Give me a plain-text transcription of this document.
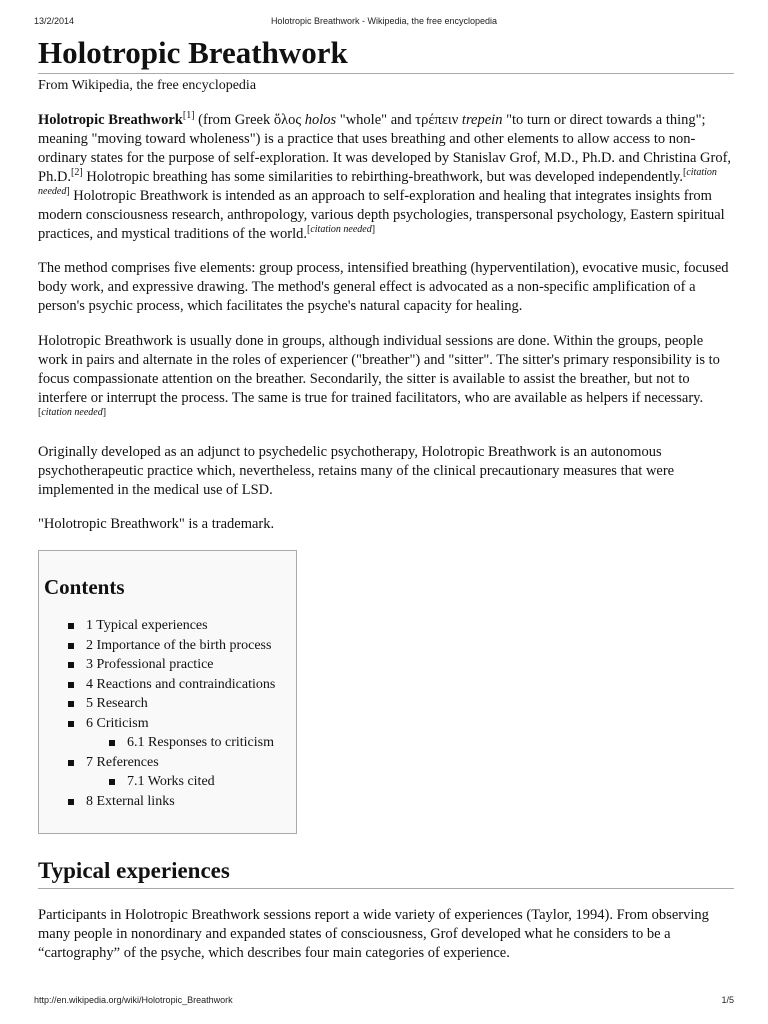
13/2/2014	Holotropic Breathwork - Wikipedia, the free encyclopedia
Holotropic Breathwork
From Wikipedia, the free encyclopedia

Holotropic Breathwork[1] (from Greek ὅλος holos "whole" and τρέπειν trepein "to turn or direct towards a thing"; meaning "moving toward wholeness") is a practice that uses breathing and other elements to allow access to non-ordinary states for the purpose of self-exploration. It was developed by Stanislav Grof, M.D., Ph.D. and Christina Grof, Ph.D.[2] Holotropic breathing has some similarities to rebirthing-breathwork, but was developed independently.[citation needed] Holotropic Breathwork is intended as an approach to self-exploration and healing that integrates insights from modern consciousness research, anthropology, various depth psychologies, transpersonal psychology, Eastern spiritual practices, and mystical traditions of the world.[citation needed]

The method comprises five elements: group process, intensified breathing (hyperventilation), evocative music, focused body work, and expressive drawing. The method's general effect is advocated as a non-specific amplification of a person's psychic process, which facilitates the psyche's natural capacity for healing.

Holotropic Breathwork is usually done in groups, although individual sessions are done. Within the groups, people work in pairs and alternate in the roles of experiencer ("breather") and "sitter". The sitter's primary responsibility is to focus compassionate attention on the breather. Secondarily, the sitter is available to assist the breather, but not to interfere or interrupt the process. The same is true for trained facilitators, who are available as helpers if necessary.[citation needed]

Originally developed as an adjunct to psychedelic psychotherapy, Holotropic Breathwork is an autonomous psychotherapeutic practice which, nevertheless, retains many of the clinical precautionary measures that were implemented in the medical use of LSD.

"Holotropic Breathwork" is a trademark.

Contents
1 Typical experiences
2 Importance of the birth process
3 Professional practice
4 Reactions and contraindications
5 Research
6 Criticism
6.1 Responses to criticism
7 References
7.1 Works cited
8 External links
Typical experiences

Participants in Holotropic Breathwork sessions report a wide variety of experiences (Taylor, 1994). From observing many people in nonordinary and expanded states of consciousness, Grof developed what he considers to be a “cartography” of the psyche, which describes four main categories of experience.

http://en.wikipedia.org/wiki/Holotropic_Breathwork	1/5
